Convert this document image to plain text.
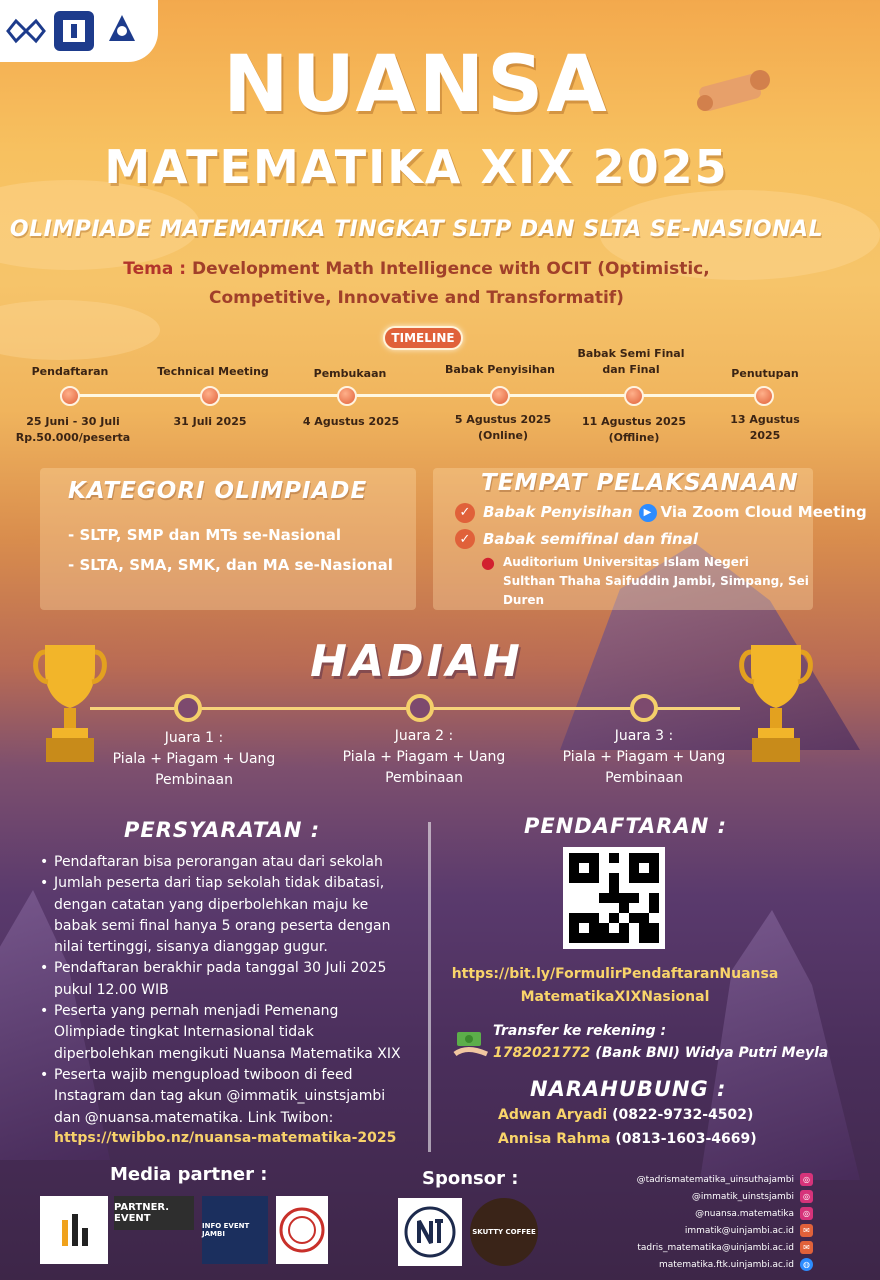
NUANSA
MATEMATIKA XIX 2025
OLIMPIADE MATEMATIKA TINGKAT SLTP DAN SLTA SE-NASIONAL
Tema : Development Math Intelligence with OCIT (Optimistic, Competitive, Innovative and Transformatif)
TIMELINE
Pendaftaran
25 Juni - 30 Juli
Rp.50.000/peserta
Technical Meeting
31 Juli 2025
Pembukaan
4 Agustus 2025
Babak Penyisihan
5 Agustus 2025
(Online)
Babak Semi Final dan Final
11 Agustus 2025
(Offline)
Penutupan
13 Agustus 2025
KATEGORI OLIMPIADE
- SLTP, SMP dan MTs se-Nasional
- SLTA, SMA, SMK, dan MA se-Nasional
TEMPAT PELAKSANAAN
✓ Babak Penyisihan ▶ Via Zoom Cloud Meeting
✓ Babak semifinal dan final
● Auditorium Universitas Islam Negeri
Sulthan Thaha Saifuddin Jambi, Simpang, Sei Duren
HADIAH
Juara 1 :
Piala + Piagam + Uang Pembinaan
Juara 2 :
Piala + Piagam + Uang Pembinaan
Juara 3 :
Piala + Piagam + Uang Pembinaan
PERSYARATAN :
• Pendaftaran bisa perorangan atau dari sekolah
• Jumlah peserta dari tiap sekolah tidak dibatasi, dengan catatan yang diperbolehkan maju ke babak semi final hanya 5 orang peserta dengan nilai tertinggi, sisanya dianggap gugur.
• Pendaftaran berakhir pada tanggal 30 Juli 2025 pukul 12.00 WIB
• Peserta yang pernah menjadi Pemenang Olimpiade tingkat Internasional tidak diperbolehkan mengikuti Nuansa Matematika XIX
• Peserta wajib mengupload twiboon di feed Instagram dan tag akun @immatik_uinstsjambi dan @nuansa.matematika. Link Twibon:
https://twibbo.nz/nuansa-matematika-2025
PENDAFTARAN :
https://bit.ly/FormulirPendaftaranNuansa
MatematikaXIXNasional
Transfer ke rekening :
1782021772 (Bank BNI) Widya Putri Meyla
NARAHUBUNG :
Adwan Aryadi (0822-9732-4502)
Annisa Rahma (0813-1603-4669)
Media partner :	Sponsor :
PARTNER. EVENT
INFO EVENT JAMBI	SKUTTY COFFEE
@tadrismatematika_uinsuthajambi	◎
@immatik_uinstsjambi	◎
@nuansa.matematika	◎
immatik@uinjambi.ac.id	✉
tadris_matematika@uinjambi.ac.id	✉
matematika.ftk.uinjambi.ac.id	◍
